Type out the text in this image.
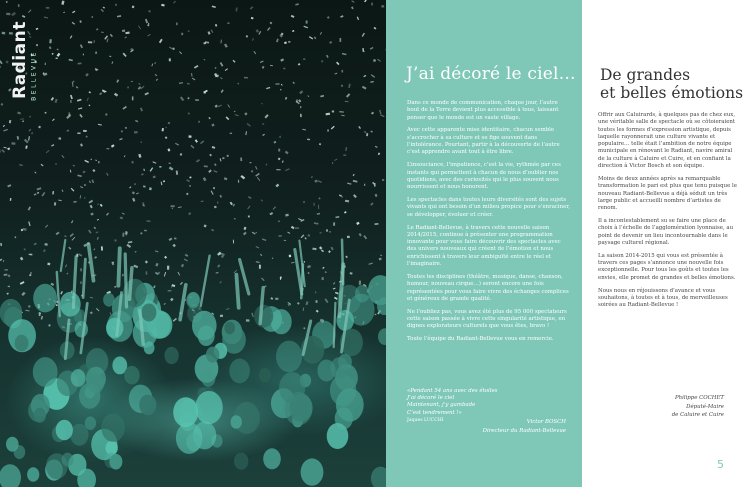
Radiant BELLEVUE	J’ai décoré le ciel…

Dans ce monde de communication, chaque jour, l’autre bout de la Terre devient plus accessible à tous, laissant penser que le monde est un vaste village.

Avec cette apparente mise identitaire, chacun semble s’accrocher à sa culture et se fige souvent dans l’intolérance. Pourtant, partir à la découverte de l’autre c’est apprendre avant tout à être libre.

L’insouciance, l’impatience, c’est la vie, rythmée par ces instants qui permettent à chacun de nous d’oublier nos quotidiens, avec des curiosités qui le plus souvent nous nourrissent et nous honorent.

Les spectacles dans toutes leurs diversités sont des sujets vivants qui ont besoin d’un milieu propice pour s’enraciner, se développer, évoluer et créer.

Le Radiant-Bellevue, à travers cette nouvelle saison 2014/2015, continue à présenter une programmation innovante pour vous faire découvrir des spectacles avec des univers nouveaux qui créent de l’émotion et nous enrichissent à travers leur ambiguïté entre le réel et l’imaginaire.

Toutes les disciplines (théâtre, musique, danse, chanson, humour, nouveau cirque…) seront encore une fois représentées pour vous faire vivre des échanges complices et généreux de grande qualité.

Ne l’oubliez pas, vous avez été plus de 95 000 spectateurs cette saison passée à vivre cette singularité artistique, en dignes explorateurs culturels que vous êtes, bravo !

Toute l’équipe du Radiant-Bellevue vous en remercie.

«Pendant 54 ans avec des étoiles
J’ai décoré le ciel
Maintenant, j’y gambade
C’est tendrement !»
Jaques LUCCHI	Victor BOSCH
Directeur du Radiant-Bellevue
De grandes
et belles émotions

Offrir aux Caluirards, à quelques pas de chez eux, une véritable salle de spectacle où se côtoieraient toutes les formes d’expression artistique, depuis laquelle rayonnerait une culture vivante et populaire… telle était l’ambition de notre équipe municipale en rénovant le Radiant, navire amiral de la culture à Caluire et Cuire, et en confiant la direction à Victor Bosch et son équipe.

Moins de deux années après sa remarquable transformation le pari est plus que tenu puisque le nouveau Radiant-Bellevue a déjà séduit un très large public et accueilli nombre d’artistes de renom.

Il a incontestablement su se faire une place de choix à l’échelle de l’agglomération lyonnaise, au point de devenir un lieu incontournable dans le paysage culturel régional.

La saison 2014-2015 qui vous est présentée à travers ces pages s’annonce une nouvelle fois exceptionnelle. Pour tous les goûts et toutes les envies, elle promet de grandes et belles émotions.

Nous nous en réjouissons d’avance et vous souhaitons, à toutes et à tous, de merveilleuses soirées au Radiant-Bellevue !

Philippe COCHET
Député-Maire
de Caluire et Cuire
5
